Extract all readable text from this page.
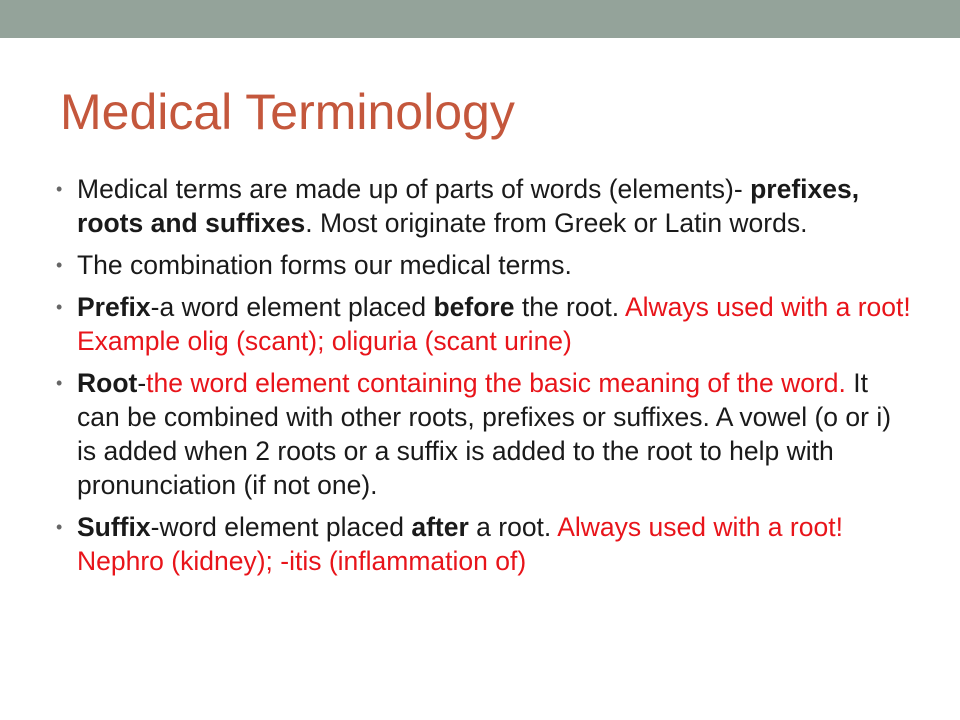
Medical Terminology
• Medical terms are made up of parts of words (elements)- prefixes, roots and suffixes. Most originate from Greek or Latin words.
• The combination forms our medical terms.
• Prefix-a word element placed before the root. Always used with a root! Example olig (scant); oliguria (scant urine)
• Root-the word element containing the basic meaning of the word. It can be combined with other roots, prefixes or suffixes. A vowel (o or i) is added when 2 roots or a suffix is added to the root to help with pronunciation (if not one).
• Suffix-word element placed after a root. Always used with a root! Nephro (kidney); -itis (inflammation of)
